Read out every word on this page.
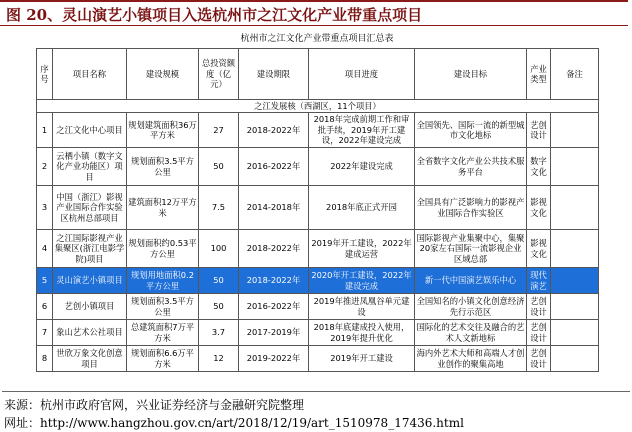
图 20、灵山演艺小镇项目入选杭州市之江文化产业带重点项目
杭州市之江文化产业带重点项目汇总表
序号	项目名称	建设规模	总投资额度（亿元）	建设期限	项目进度	建设目标	产业类型	备注
之江发展核（西湖区，11个项目）								
1	之江文化中心项目	规划建筑面积36万平方米	27	2018-2022年	2018年完成前期工作和审批手续，2019年开工建设，2022年建设完成	全国领先、国际一流的新型城市文化地标	艺创设计	
2	云栖小镇（数字文化产业功能区）项目	规划面积3.5平方公里	50	2016-2022年	2022年建设完成	全省数字文化产业公共技术服务平台	数字文化	
3	中国（浙江）影视产业国际合作实验区杭州总部项目	建筑面积12万平方米	7.5	2014-2018年	2018年底正式开园	全国具有广泛影响力的影视产业国际合作实验区	影视文化	
4	之江国际影视产业集聚区(浙江电影学院)项目	规划面积约0.53平方公里	100	2018-2022年	2019年开工建设，2022年建成运营	国际影视产业集聚中心，集聚20家左右国际一流影视企业区域总部	影视文化	
5	灵山演艺小镇项目	规划用地面积0.2平方公里	50	2018-2022年	2020年开工建设，2022年建设完成	新一代中国演艺娱乐中心	现代演艺	
6	艺创小镇项目	规划面积3.5平方公里	50	2016-2022年	2019年推进凤凰谷单元建设	全国知名的小镇文化创意经济先行示范区	艺创设计	
7	象山艺术公社项目	总建筑面积7万平方米	3.7	2017-2019年	2018年底建成投入使用，2019年提升优化	国际化的艺术交往及融合的艺术人文新地标	艺创设计	
8	世欣万象文化创意项目	规划面积6.6万平方米	12	2019-2022年	2019年开工建设	海内外艺术大师和高端人才创业创作的聚集高地	艺创设计	
来源：杭州市政府官网，兴业证券经济与金融研究院整理
网址：http://www.hangzhou.gov.cn/art/2018/12/19/art_1510978_17436.html
